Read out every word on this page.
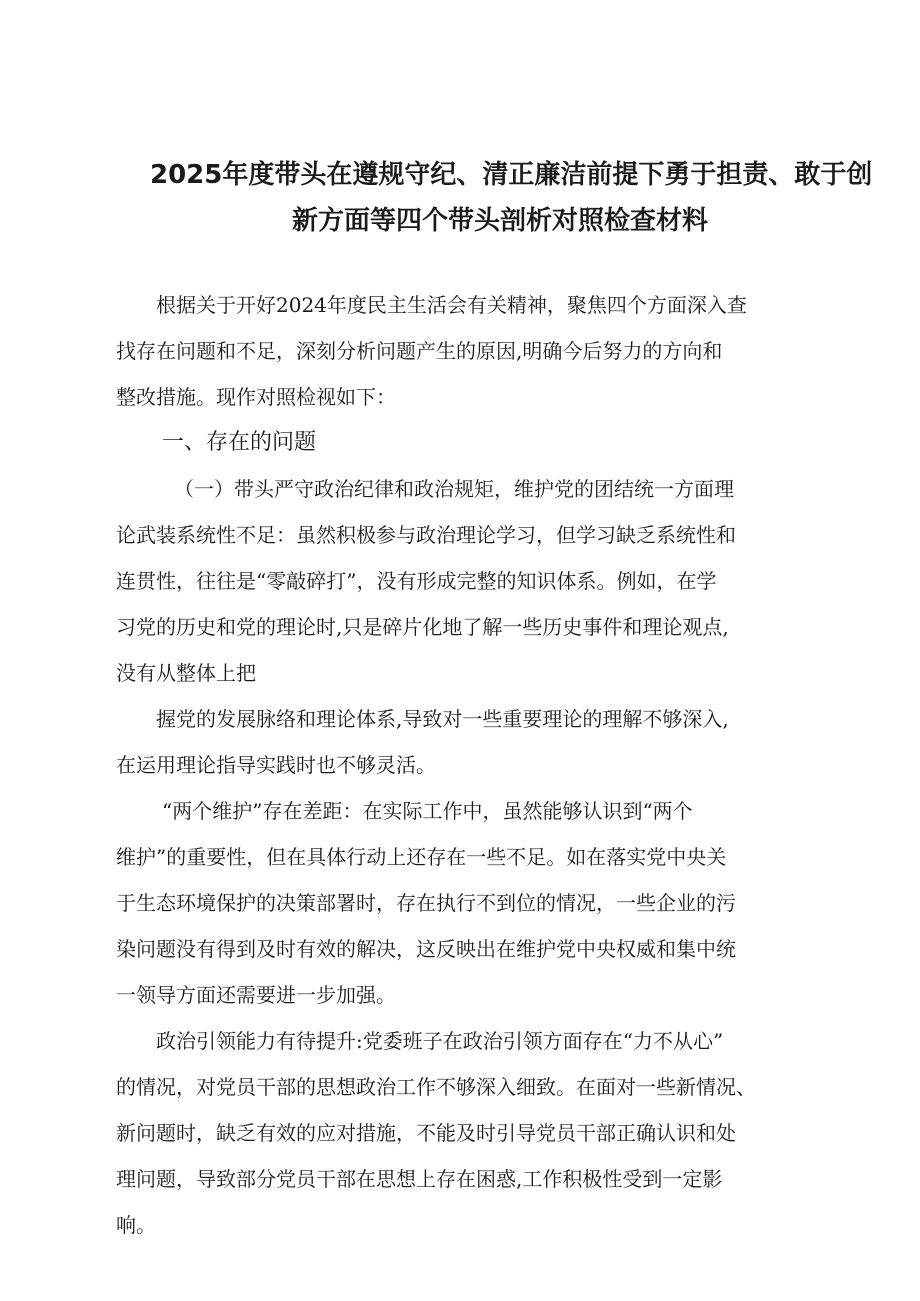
2025年度带头在遵规守纪、清正廉洁前提下勇于担责、敢于创
新方面等四个带头剖析对照检查材料
根据关于开好2024年度民主生活会有关精神，聚焦四个方面深入查
找存在问题和不足，深刻分析问题产生的原因,明确今后努力的方向和
整改措施。现作对照检视如下：
一、存在的问题
（一）带头严守政治纪律和政治规矩，维护党的团结统一方面理
论武装系统性不足：虽然积极参与政治理论学习，但学习缺乏系统性和
连贯性，往往是“零敲碎打”，没有形成完整的知识体系。例如，在学
习党的历史和党的理论时,只是碎片化地了解一些历史事件和理论观点,
没有从整体上把
握党的发展脉络和理论体系,导致对一些重要理论的理解不够深入,
在运用理论指导实践时也不够灵活。
“两个维护”存在差距：在实际工作中，虽然能够认识到“两个
维护”的重要性，但在具体行动上还存在一些不足。如在落实党中央关
于生态环境保护的决策部署时，存在执行不到位的情况，一些企业的污
染问题没有得到及时有效的解决，这反映出在维护党中央权威和集中统
一领导方面还需要进一步加强。
政治引领能力有待提升:党委班子在政治引领方面存在“力不从心”
的情况，对党员干部的思想政治工作不够深入细致。在面对一些新情况、
新问题时，缺乏有效的应对措施，不能及时引导党员干部正确认识和处
理问题，导致部分党员干部在思想上存在困惑,工作积极性受到一定影
响。
